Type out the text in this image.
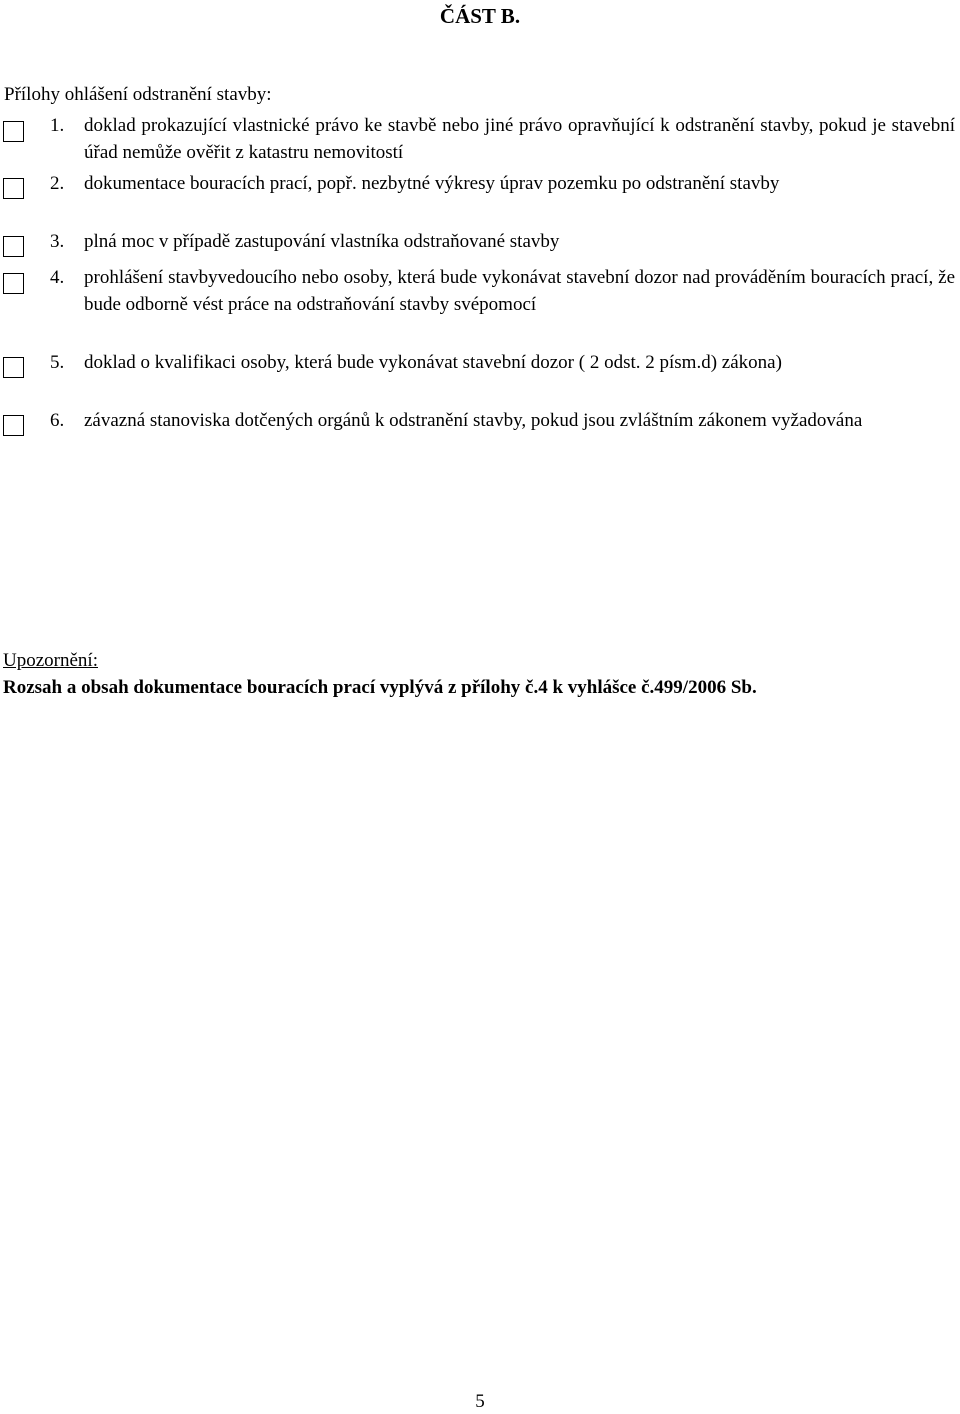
ČÁST B.
Přílohy ohlášení odstranění stavby:
1. doklad prokazující vlastnické právo ke stavbě nebo jiné právo opravňující k odstranění stavby, pokud je stavební úřad nemůže ověřit z katastru nemovitostí
2. dokumentace bouracích prací, popř. nezbytné výkresy úprav pozemku po odstranění stavby
3. plná moc v případě zastupování vlastníka odstraňované stavby
4. prohlášení stavbyvedoucího nebo osoby, která bude vykonávat stavební dozor nad prováděním bouracích prací, že bude odborně vést práce na odstraňování stavby svépomocí
5. doklad o kvalifikaci osoby, která bude vykonávat stavební dozor ( 2 odst. 2 písm.d) zákona)
6. závazná stanoviska dotčených orgánů k odstranění stavby, pokud jsou zvláštním zákonem vyžadována
Upozornění:
Rozsah a obsah dokumentace bouracích prací vyplývá z přílohy č.4 k vyhlášce č.499/2006 Sb.
5
